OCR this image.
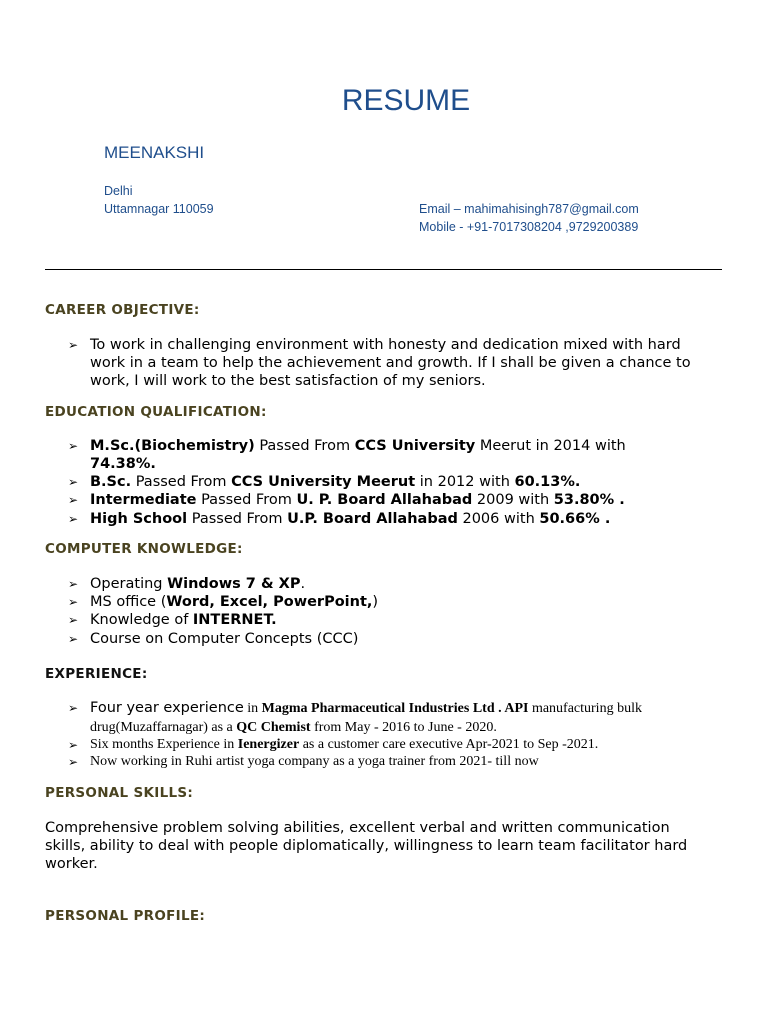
RESUME
MEENAKSHI
Delhi
Uttamnagar 110059	Email – mahimahisingh787@gmail.com
Mobile - +91-7017308204 ,9729200389
CAREER OBJECTIVE:
➢ To work in challenging environment with honesty and dedication mixed with hard
work in a team to help the achievement and growth. If I shall be given a chance to
work, I will work to the best satisfaction of my seniors.
EDUCATION QUALIFICATION:
➢ M.Sc.(Biochemistry) Passed From CCS University Meerut in 2014 with
74.38%.
➢ B.Sc. Passed From CCS University Meerut in 2012 with 60.13%.
➢ Intermediate Passed From U. P. Board Allahabad 2009 with 53.80% .
➢ High School Passed From U.P. Board Allahabad 2006 with 50.66% .
COMPUTER KNOWLEDGE:
➢ Operating Windows 7 & XP.
➢ MS office (Word, Excel, PowerPoint,)
➢ Knowledge of INTERNET.
➢ Course on Computer Concepts (CCC)
EXPERIENCE:
➢ Four year experience in Magma Pharmaceutical Industries Ltd . API manufacturing bulk
drug(Muzaffarnagar) as a QC Chemist from May - 2016 to June - 2020.
➢ Six months Experience in Ienergizer as a customer care executive Apr-2021 to Sep -2021.
➢ Now working in Ruhi artist yoga company as a yoga trainer from 2021- till now
PERSONAL SKILLS:
Comprehensive problem solving abilities, excellent verbal and written communication
skills, ability to deal with people diplomatically, willingness to learn team facilitator hard
worker.
PERSONAL PROFILE:
